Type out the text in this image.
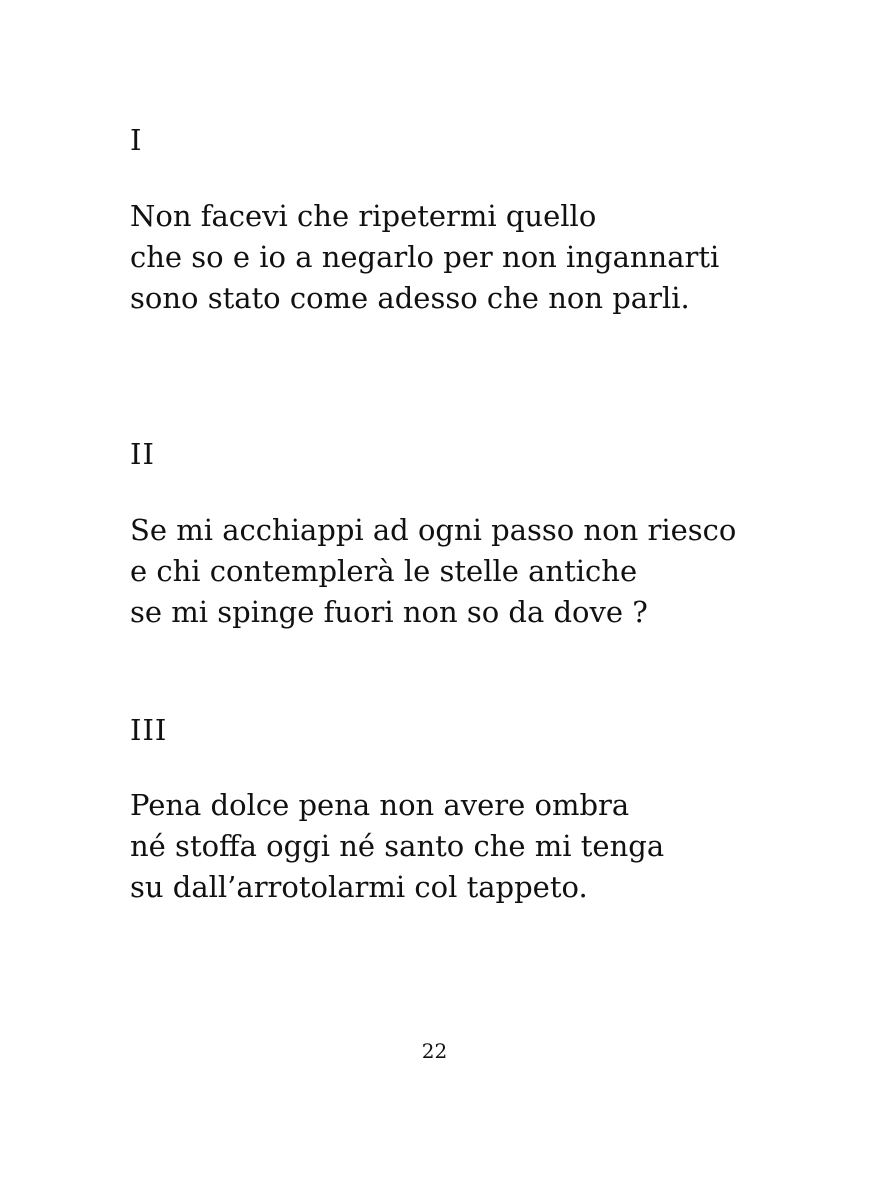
I
Non facevi che ripetermi quello
che so e io a negarlo per non ingannarti
sono stato come adesso che non parli.
II
Se mi acchiappi ad ogni passo non riesco
e chi contemplerà le stelle antiche
se mi spinge fuori non so da dove ?
III
Pena dolce pena non avere ombra
né stoffa oggi né santo che mi tenga
su dall’arrotolarmi col tappeto.
22
